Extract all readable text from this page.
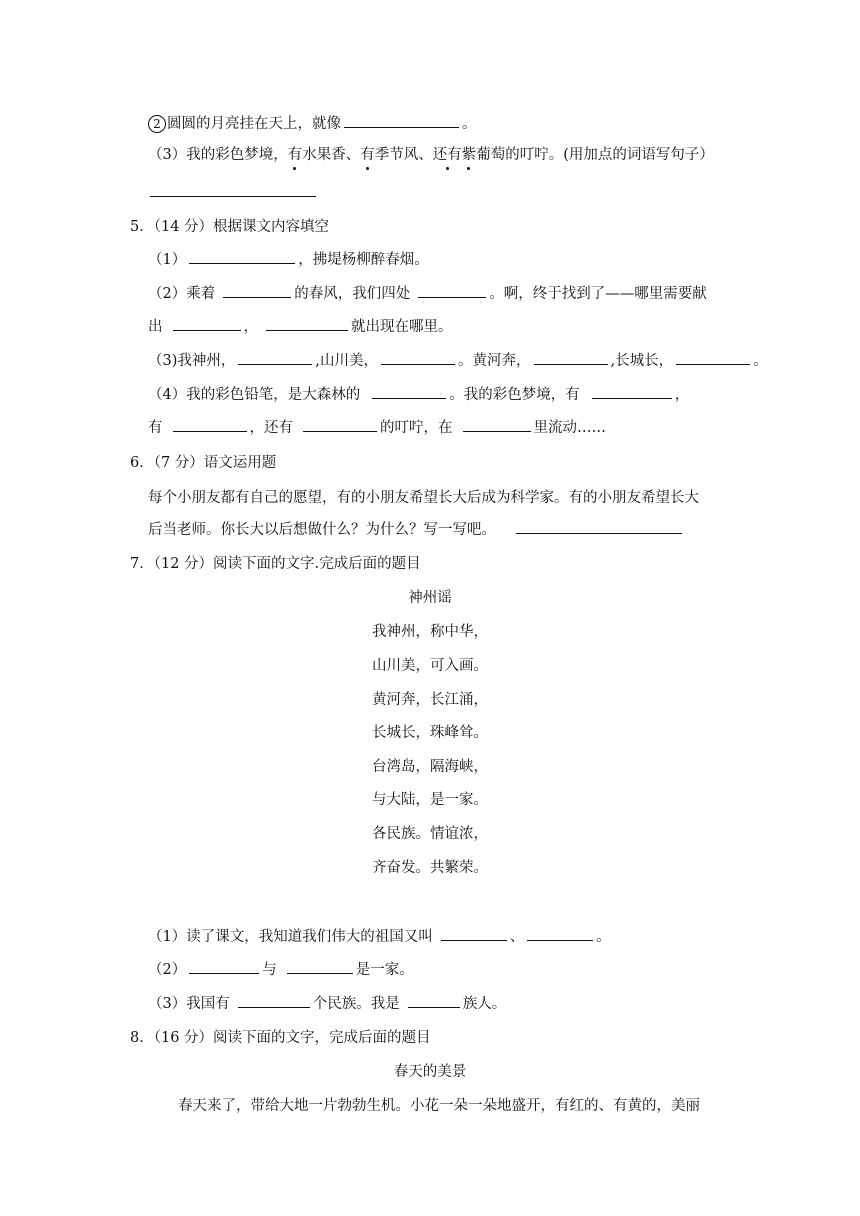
2 圆圆的月亮挂在天上，就像	。
（3）我的彩色梦境，有水果香、有季节风、还有紫葡萄的叮咛。(用加点的词语写句子）
5．（14 分）根据课文内容填空
（1）	，拂堤杨柳醉春烟。
（2）乘着	的春风，我们四处	。啊，终于找到了——哪里需要献
出	，	就出现在哪里。
（3)我神州，	,山川美，	。黄河奔，	,长城长，	。
（4）我的彩色铅笔，是大森林的	。我的彩色梦境，有	，
有	，还有	的叮咛，在	里流动……
6．（7 分）语文运用题
每个小朋友都有自己的愿望，有的小朋友希望长大后成为科学家。有的小朋友希望长大
后当老师。你长大以后想做什么？为什么？写一写吧。
7．（12 分）阅读下面的文字.完成后面的题目
神州谣
我神州，称中华，
山川美，可入画。
黄河奔，长江涌，
长城长，珠峰耸。
台湾岛，隔海峡，
与大陆，是一家。
各民族。情谊浓，
齐奋发。共繁荣。
（1）读了课文，我知道我们伟大的祖国又叫	、	。
（2）	与	是一家。
（3）我国有	个民族。我是	族人。
8．（16 分）阅读下面的文字，完成后面的题目
春天的美景
春天来了，带给大地一片勃勃生机。小花一朵一朵地盛开，有红的、有黄的，美丽
